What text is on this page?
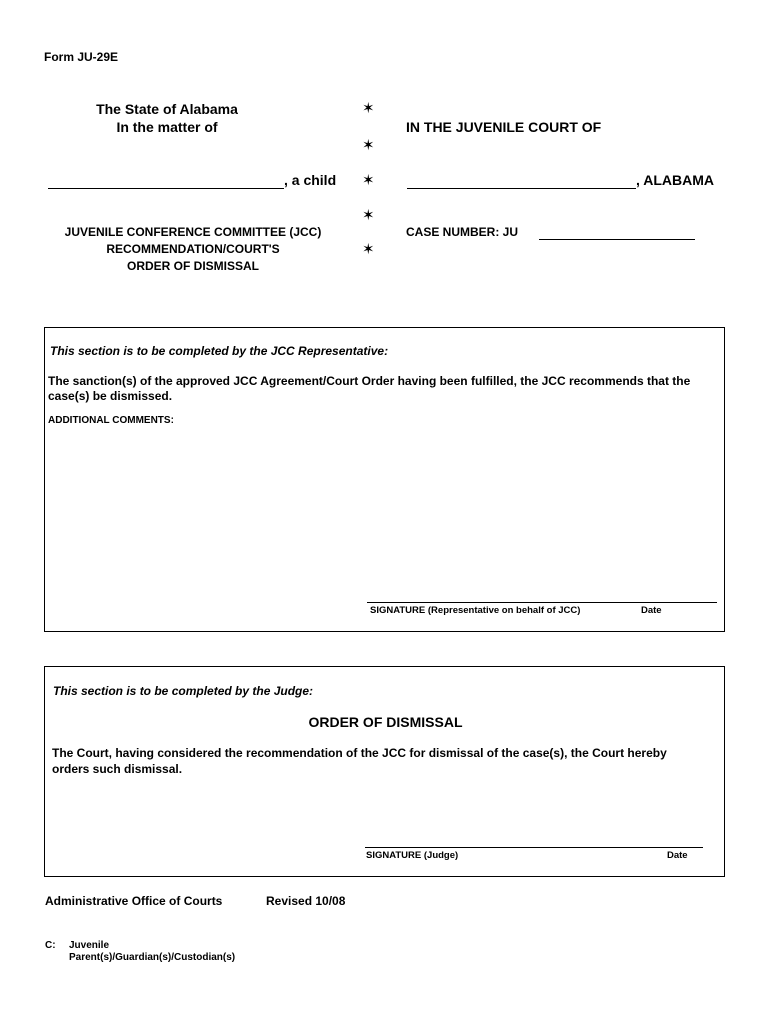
Form JU-29E
The State of Alabama
In the matter of
, a child
JUVENILE CONFERENCE COMMITTEE (JCC)
RECOMMENDATION/COURT'S
ORDER OF DISMISSAL
✶
✶
✶
✶
✶
IN THE JUVENILE COURT OF
, ALABAMA
CASE NUMBER: JU
This section is to be completed by the JCC Representative:
The sanction(s) of the approved JCC Agreement/Court Order having been fulfilled, the JCC recommends that the
case(s) be dismissed.
ADDITIONAL COMMENTS:
SIGNATURE (Representative on behalf of JCC)	Date
This section is to be completed by the Judge:
ORDER OF DISMISSAL
The Court, having considered the recommendation of the JCC for dismissal of the case(s), the Court hereby
orders such dismissal.
SIGNATURE (Judge)	Date
Administrative Office of Courts	Revised 10/08
C: Juvenile
Parent(s)/Guardian(s)/Custodian(s)
